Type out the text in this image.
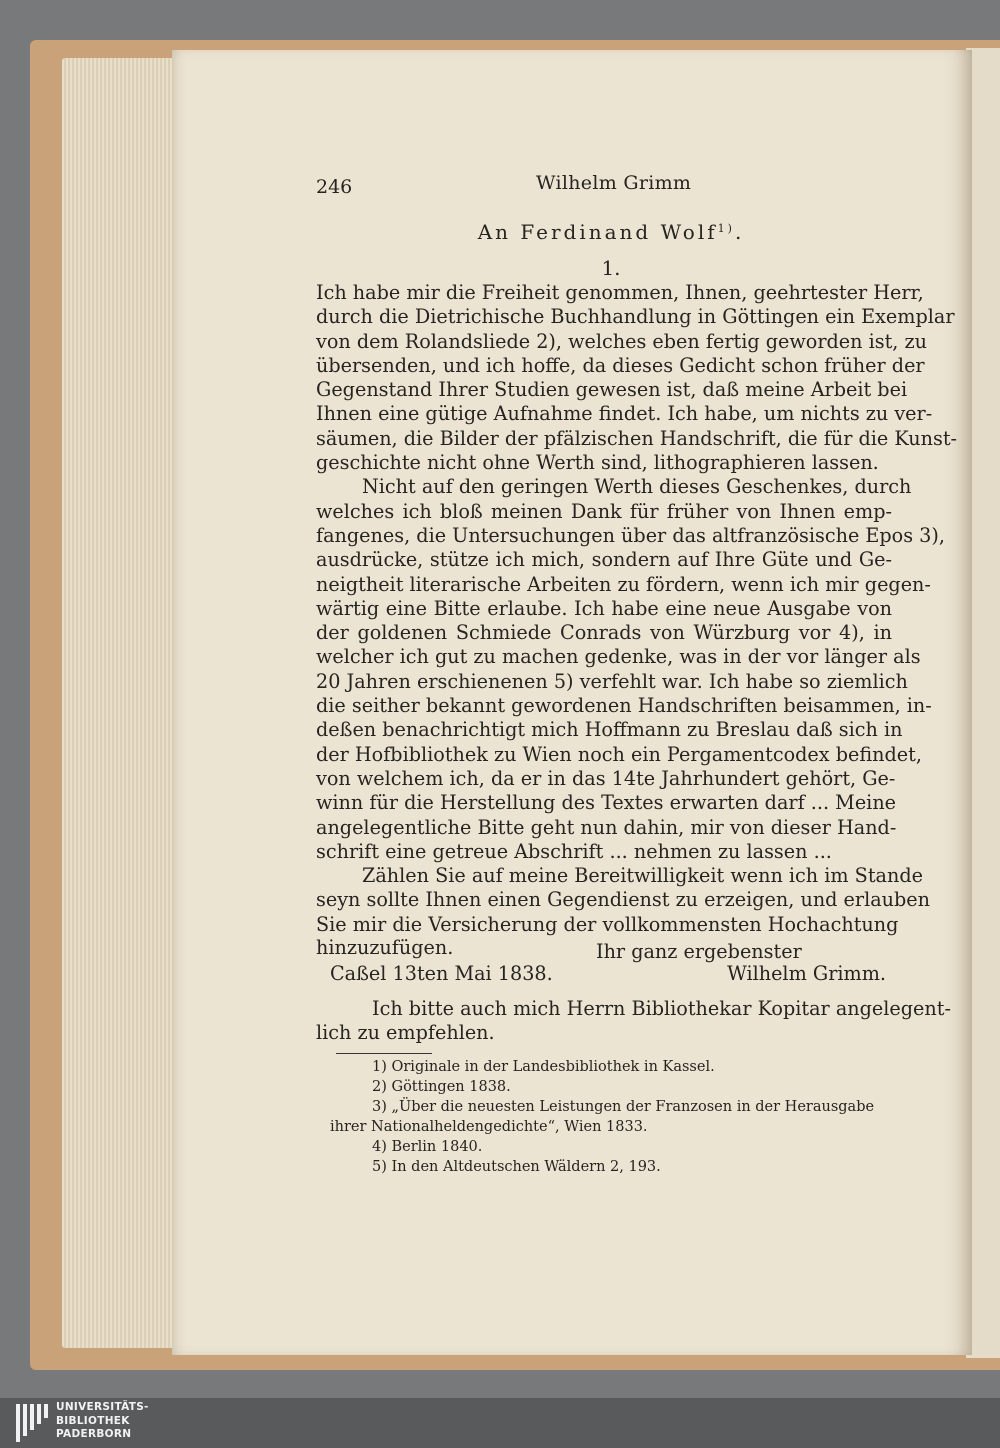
246	Wilhelm Grimm
An Ferdinand Wolf$^{1)}$.
1.
Ich habe mir die Freiheit genommen, Ihnen, geehrtester Herr,
durch die Dietrichische Buchhandlung in Göttingen ein Exemplar
von dem Rolandsliede 2), welches eben fertig geworden ist, zu
übersenden, und ich hoffe, da dieses Gedicht schon früher der
Gegenstand Ihrer Studien gewesen ist, daß meine Arbeit bei
Ihnen eine gütige Aufnahme findet. Ich habe, um nichts zu ver-
säumen, die Bilder der pfälzischen Handschrift, die für die Kunst-
geschichte nicht ohne Werth sind, lithographieren lassen.
Nicht auf den geringen Werth dieses Geschenkes, durch
welches ich bloß meinen Dank für früher von Ihnen emp-
fangenes, die Untersuchungen über das altfranzösische Epos 3),
ausdrücke, stütze ich mich, sondern auf Ihre Güte und Ge-
neigtheit literarische Arbeiten zu fördern, wenn ich mir gegen-
wärtig eine Bitte erlaube. Ich habe eine neue Ausgabe von
der goldenen Schmiede Conrads von Würzburg vor 4), in
welcher ich gut zu machen gedenke, was in der vor länger als
20 Jahren erschienenen 5) verfehlt war. Ich habe so ziemlich
die seither bekannt gewordenen Handschriften beisammen, in-
deßen benachrichtigt mich Hoffmann zu Breslau daß sich in
der Hofbibliothek zu Wien noch ein Pergamentcodex befindet,
von welchem ich, da er in das 14te Jahrhundert gehört, Ge-
winn für die Herstellung des Textes erwarten darf ... Meine
angelegentliche Bitte geht nun dahin, mir von dieser Hand-
schrift eine getreue Abschrift ... nehmen zu lassen ...
Zählen Sie auf meine Bereitwilligkeit wenn ich im Stande
seyn sollte Ihnen einen Gegendienst zu erzeigen, und erlauben
Sie mir die Versicherung der vollkommensten Hochachtung
hinzuzufügen.	Ihr ganz ergebenster
Caßel 13ten Mai 1838.	Wilhelm Grimm.
Ich bitte auch mich Herrn Bibliothekar Kopitar angelegent-
lich zu empfehlen.
1) Originale in der Landesbibliothek in Kassel.
2) Göttingen 1838.
3) „Über die neuesten Leistungen der Franzosen in der Herausgabe
ihrer Nationalheldengedichte“, Wien 1833.
4) Berlin 1840.
5) In den Altdeutschen Wäldern 2, 193.
UNIVERSITÄTS-
BIBLIOTHEK
PADERBORN
